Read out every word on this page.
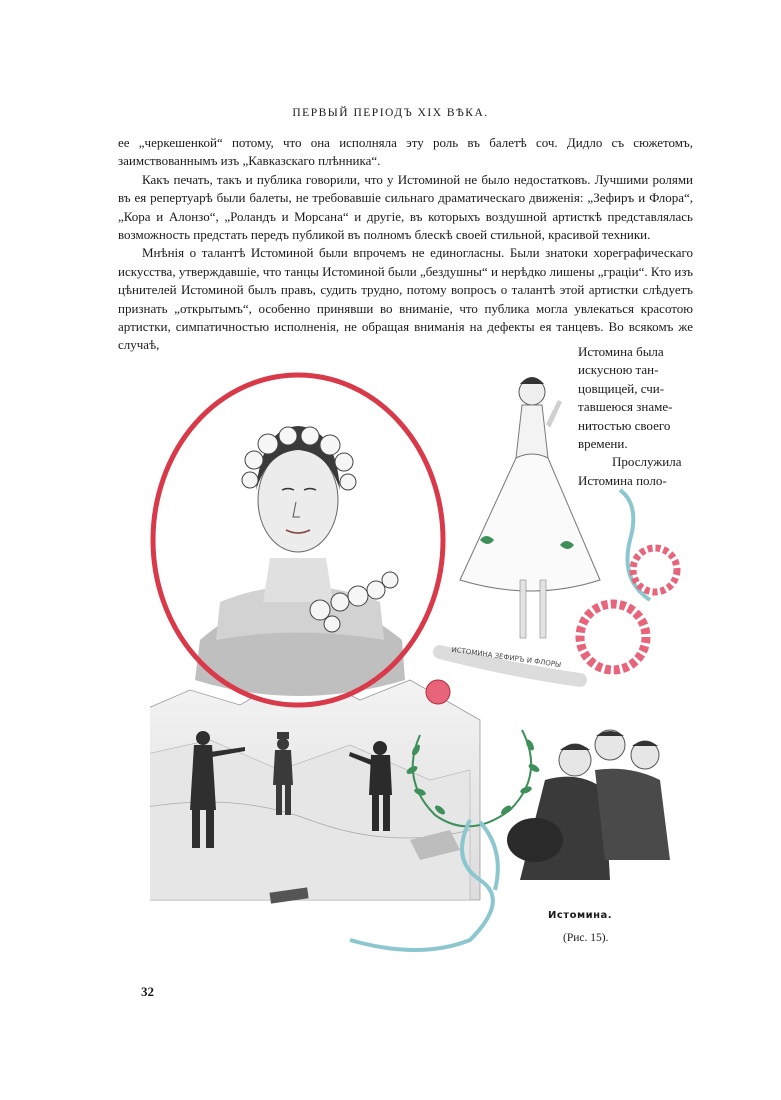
ПЕРВЫЙ ПЕРІОДЪ XIX ВѢКА.

ее „черкешенкой“ потому, что она исполняла эту роль въ балетѣ соч. Дидло съ сюжетомъ, заимствованнымъ изъ „Кавказскаго плѣнника“.

Какъ печать, такъ и публика говорили, что у Истоминой не было недостатковъ. Лучшими ролями въ ея репертуарѣ были балеты, не требовавшіе сильнаго драматическаго движенія: „Зефиръ и Флора“, „Кора и Алонзо“, „Роландъ и Морсана“ и другіе, въ которыхъ воздушной артисткѣ представлялась возможность предстать передъ публикой въ полномъ блескѣ своей стильной, красивой техники.

Мнѣнія о талантѣ Истоминой были впрочемъ не единогласны. Были знатоки хореграфическаго искусства, утверждавшіе, что танцы Истоминой были „бездушны“ и нерѣдко лишены „граціи“. Кто изъ цѣнителей Истоминой былъ правъ, судить трудно, потому вопросъ о талантѣ этой артистки слѣдуетъ признать „открытымъ“, особенно принявши во вниманіе, что публика могла увлекаться красотою артистки, симпатичностью исполненія, не обращая вниманія на дефекты ея танцевъ. Во всякомъ же случаѣ,	Истомина была
искусною тан-
цовщицей, счи-
тавшеюся знаме-
нитостью своего
времени.
Прослужила
Истомина поло-
ИСТОМИНА ЗЕФИРЪ И ФЛОРЫ
Истомина.
(Рис. 15).
32
